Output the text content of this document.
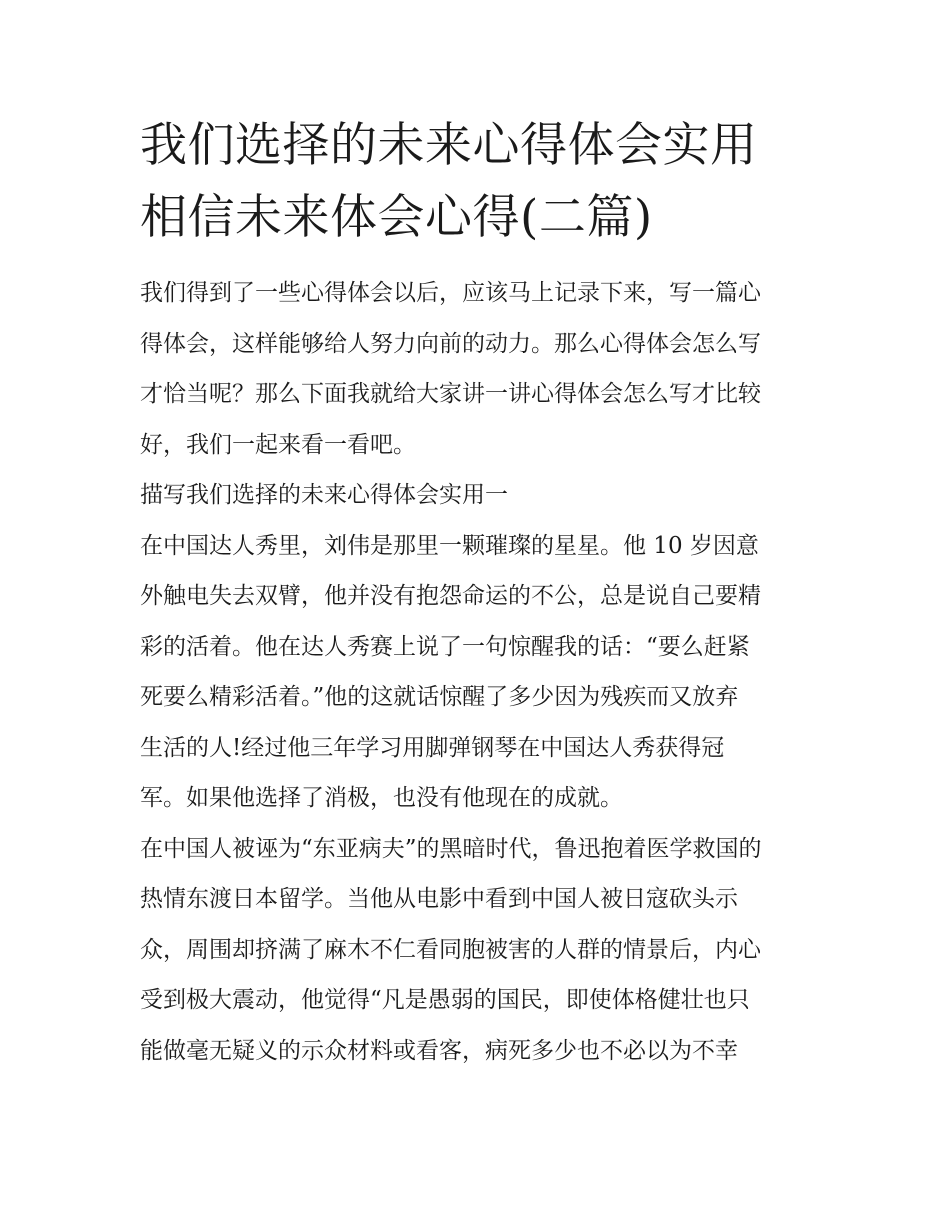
我们选择的未来心得体会实用
相信未来体会心得(二篇)

我们得到了一些心得体会以后，应该马上记录下来，写一篇心
得体会，这样能够给人努力向前的动力。那么心得体会怎么写
才恰当呢？那么下面我就给大家讲一讲心得体会怎么写才比较
好，我们一起来看一看吧。

描写我们选择的未来心得体会实用一

在中国达人秀里，刘伟是那里一颗璀璨的星星。他 10 岁因意
外触电失去双臂，他并没有抱怨命运的不公，总是说自己要精
彩的活着。他在达人秀赛上说了一句惊醒我的话：“要么赶紧
死要么精彩活着。”他的这就话惊醒了多少因为残疾而又放弃
生活的人!经过他三年学习用脚弹钢琴在中国达人秀获得冠
军。如果他选择了消极，也没有他现在的成就。

在中国人被诬为“东亚病夫”的黑暗时代，鲁迅抱着医学救国的
热情东渡日本留学。当他从电影中看到中国人被日寇砍头示
众，周围却挤满了麻木不仁看同胞被害的人群的情景后，内心
受到极大震动，他觉得“凡是愚弱的国民，即使体格健壮也只
能做毫无疑义的示众材料或看客，病死多少也不必以为不幸
